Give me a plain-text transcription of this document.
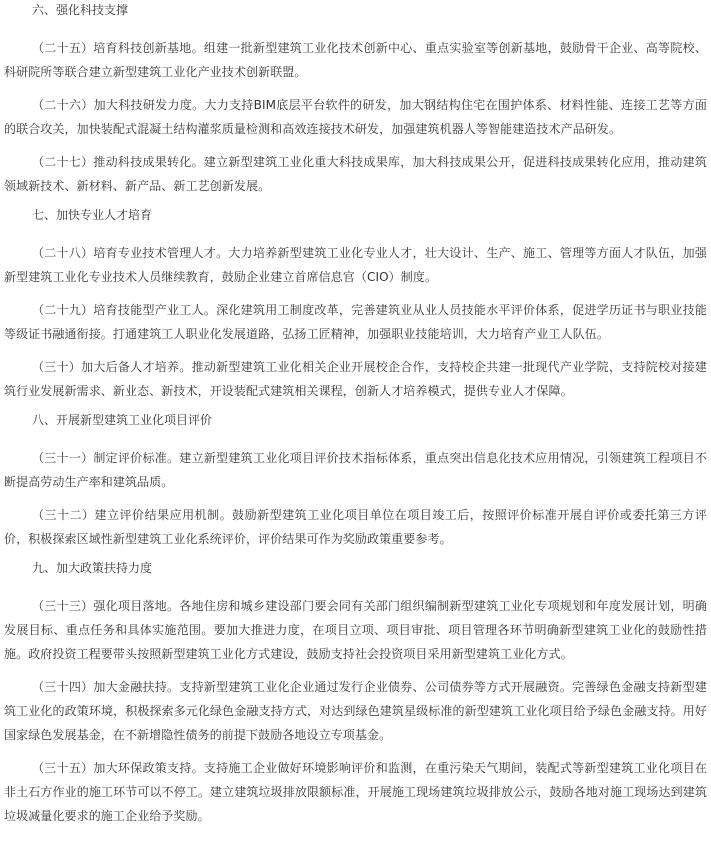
六、强化科技支撑

（二十五）培育科技创新基地。组建一批新型建筑工业化技术创新中心、重点实验室等创新基地，鼓励骨干企业、高等院校、科研院所等联合建立新型建筑工业化产业技术创新联盟。

（二十六）加大科技研发力度。大力支持BIM底层平台软件的研发，加大钢结构住宅在围护体系、材料性能、连接工艺等方面的联合攻关，加快装配式混凝土结构灌浆质量检测和高效连接技术研发，加强建筑机器人等智能建造技术产品研发。

（二十七）推动科技成果转化。建立新型建筑工业化重大科技成果库，加大科技成果公开，促进科技成果转化应用，推动建筑领域新技术、新材料、新产品、新工艺创新发展。

七、加快专业人才培育

（二十八）培育专业技术管理人才。大力培养新型建筑工业化专业人才，壮大设计、生产、施工、管理等方面人才队伍，加强新型建筑工业化专业技术人员继续教育，鼓励企业建立首席信息官（CIO）制度。

（二十九）培育技能型产业工人。深化建筑用工制度改革，完善建筑业从业人员技能水平评价体系，促进学历证书与职业技能等级证书融通衔接。打通建筑工人职业化发展道路，弘扬工匠精神，加强职业技能培训，大力培育产业工人队伍。

（三十）加大后备人才培养。推动新型建筑工业化相关企业开展校企合作，支持校企共建一批现代产业学院，支持院校对接建筑行业发展新需求、新业态、新技术，开设装配式建筑相关课程，创新人才培养模式，提供专业人才保障。

八、开展新型建筑工业化项目评价

（三十一）制定评价标准。建立新型建筑工业化项目评价技术指标体系，重点突出信息化技术应用情况，引领建筑工程项目不断提高劳动生产率和建筑品质。

（三十二）建立评价结果应用机制。鼓励新型建筑工业化项目单位在项目竣工后，按照评价标准开展自评价或委托第三方评价，积极探索区域性新型建筑工业化系统评价，评价结果可作为奖励政策重要参考。

九、加大政策扶持力度

（三十三）强化项目落地。各地住房和城乡建设部门要会同有关部门组织编制新型建筑工业化专项规划和年度发展计划，明确发展目标、重点任务和具体实施范围。要加大推进力度，在项目立项、项目审批、项目管理各环节明确新型建筑工业化的鼓励性措施。政府投资工程要带头按照新型建筑工业化方式建设，鼓励支持社会投资项目采用新型建筑工业化方式。

（三十四）加大金融扶持。支持新型建筑工业化企业通过发行企业债券、公司债券等方式开展融资。完善绿色金融支持新型建筑工业化的政策环境，积极探索多元化绿色金融支持方式，对达到绿色建筑星级标准的新型建筑工业化项目给予绿色金融支持。用好国家绿色发展基金，在不新增隐性债务的前提下鼓励各地设立专项基金。

（三十五）加大环保政策支持。支持施工企业做好环境影响评价和监测，在重污染天气期间，装配式等新型建筑工业化项目在非土石方作业的施工环节可以不停工。建立建筑垃圾排放限额标准，开展施工现场建筑垃圾排放公示，鼓励各地对施工现场达到建筑垃圾减量化要求的施工企业给予奖励。
